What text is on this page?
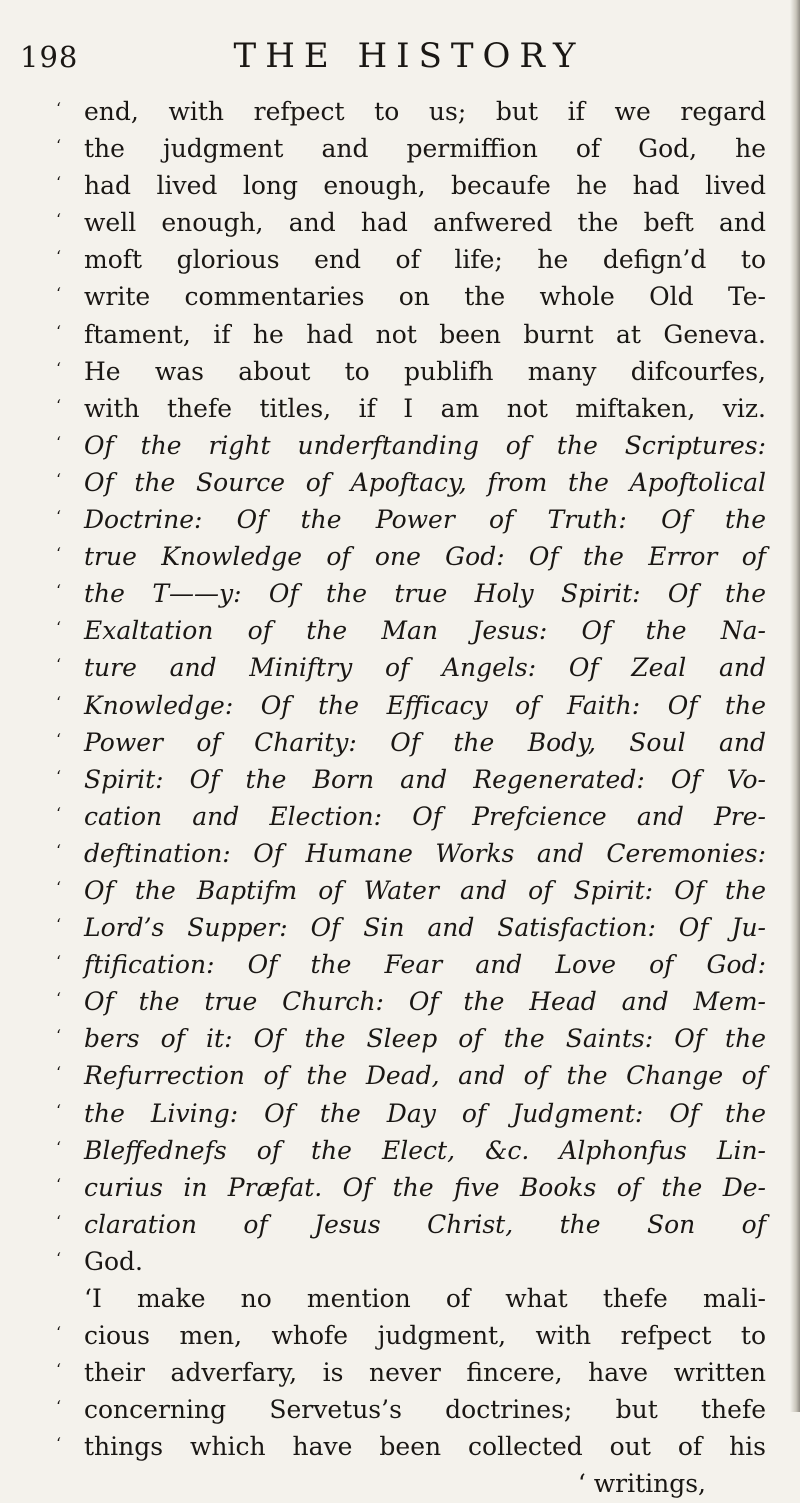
198	THE HISTORY
‘ end, with refpect to us; but if we regard
‘ the judgment and permiffion of God, he
‘ had lived long enough, becaufe he had lived
‘ well enough, and had anfwered the beft and
‘ moft glorious end of life; he defign’d to
‘ write commentaries on the whole Old Te-
‘ ftament, if he had not been burnt at Geneva.
‘ He was about to publifh many difcourfes,
‘ with thefe titles, if I am not miftaken, viz.
‘ Of the right underftanding of the Scriptures:
‘ Of the Source of Apoftacy, from the Apoftolical
‘ Doctrine: Of the Power of Truth: Of the
‘ true Knowledge of one God: Of the Error of
‘ the T——y: Of the true Holy Spirit: Of the
‘ Exaltation of the Man Jesus: Of the Na-
‘ ture and Miniftry of Angels: Of Zeal and
‘ Knowledge: Of the Efficacy of Faith: Of the
‘ Power of Charity: Of the Body, Soul and
‘ Spirit: Of the Born and Regenerated: Of Vo-
‘ cation and Election: Of Prefcience and Pre-
‘ deftination: Of Humane Works and Ceremonies:
‘ Of the Baptifm of Water and of Spirit: Of the
‘ Lord’s Supper: Of Sin and Satisfaction: Of Ju-
‘ ftification: Of the Fear and Love of God:
‘ Of the true Church: Of the Head and Mem-
‘ bers of it: Of the Sleep of the Saints: Of the
‘ Refurrection of the Dead, and of the Change of
‘ the Living: Of the Day of Judgment: Of the
‘ Bleffednefs of the Elect, &c. Alphonfus Lin-
‘ curius in Præfat. Of the five Books of the De-
‘ claration of Jesus Christ, the Son of
‘ God.
‘I make no mention of what thefe mali-
‘ cious men, whofe judgment, with refpect to
‘ their adverfary, is never fincere, have written
‘ concerning Servetus’s doctrines; but thefe
‘ things which have been collected out of his
‘ writings,
